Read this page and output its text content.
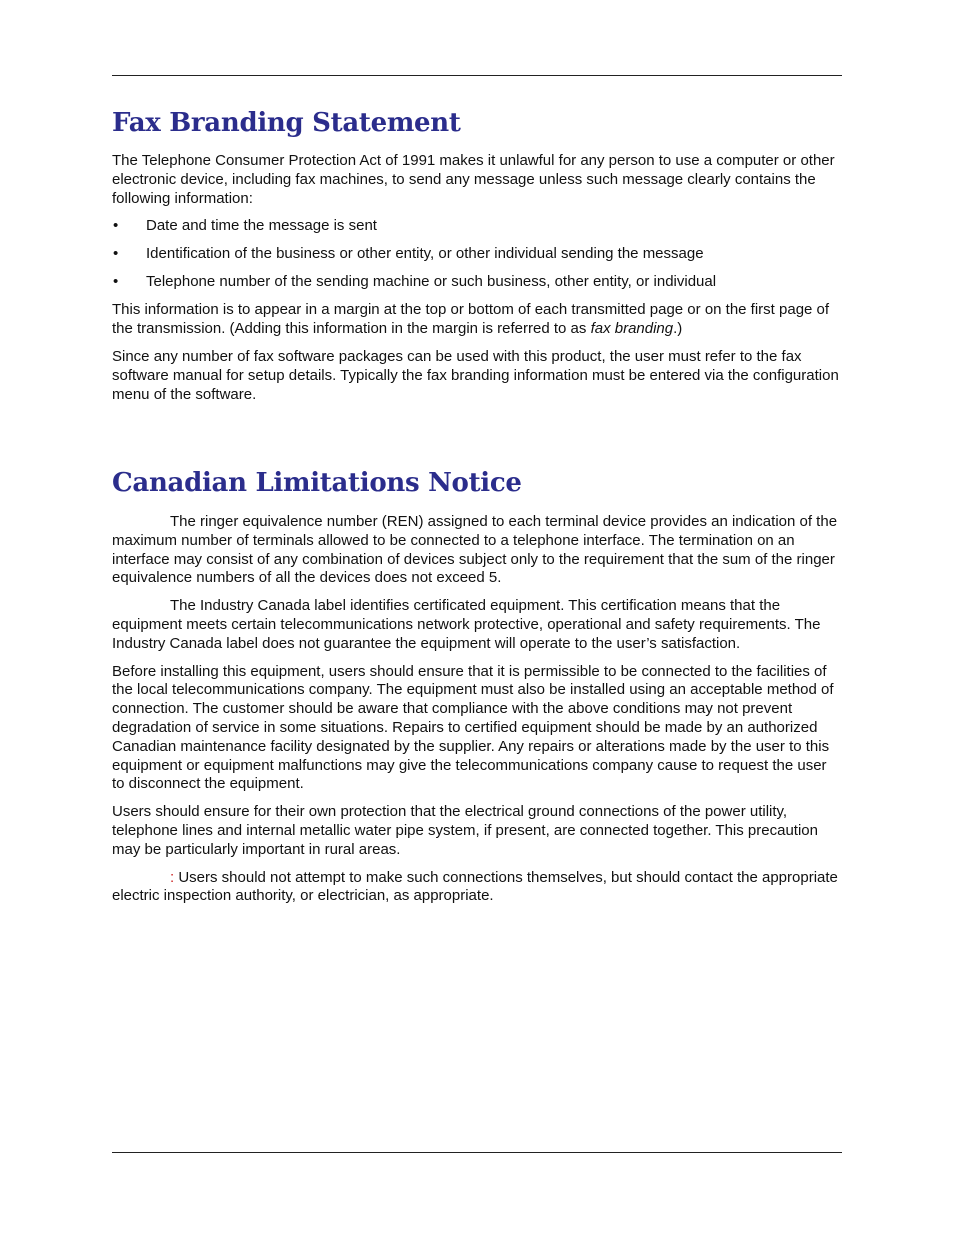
Fax Branding Statement

The Telephone Consumer Protection Act of 1991 makes it unlawful for any person to use a computer or other electronic device, including fax machines, to send any message unless such message clearly contains the following information:

• Date and time the message is sent
• Identification of the business or other entity, or other individual sending the message
• Telephone number of the sending machine or such business, other entity, or individual

This information is to appear in a margin at the top or bottom of each transmitted page or on the first page of the transmission. (Adding this information in the margin is referred to as fax branding.)

Since any number of fax software packages can be used with this product, the user must refer to the fax software manual for setup details. Typically the fax branding information must be entered via the configuration menu of the software.

Canadian Limitations Notice

The ringer equivalence number (REN) assigned to each terminal device provides an indication of the maximum number of terminals allowed to be connected to a telephone interface. The termination on an interface may consist of any combination of devices subject only to the requirement that the sum of the ringer equivalence numbers of all the devices does not exceed 5.

The Industry Canada label identifies certificated equipment. This certification means that the equipment meets certain telecommunications network protective, operational and safety requirements. The Industry Canada label does not guarantee the equipment will operate to the user’s satisfaction.

Before installing this equipment, users should ensure that it is permissible to be connected to the facilities of the local telecommunications company. The equipment must also be installed using an acceptable method of connection. The customer should be aware that compliance with the above conditions may not prevent degradation of service in some situations. Repairs to certified equipment should be made by an authorized Canadian maintenance facility designated by the supplier. Any repairs or alterations made by the user to this equipment or equipment malfunctions may give the telecommunications company cause to request the user to disconnect the equipment.

Users should ensure for their own protection that the electrical ground connections of the power utility, telephone lines and internal metallic water pipe system, if present, are connected together. This precaution may be particularly important in rural areas.

: Users should not attempt to make such connections themselves, but should contact the appropriate electric inspection authority, or electrician, as appropriate.
